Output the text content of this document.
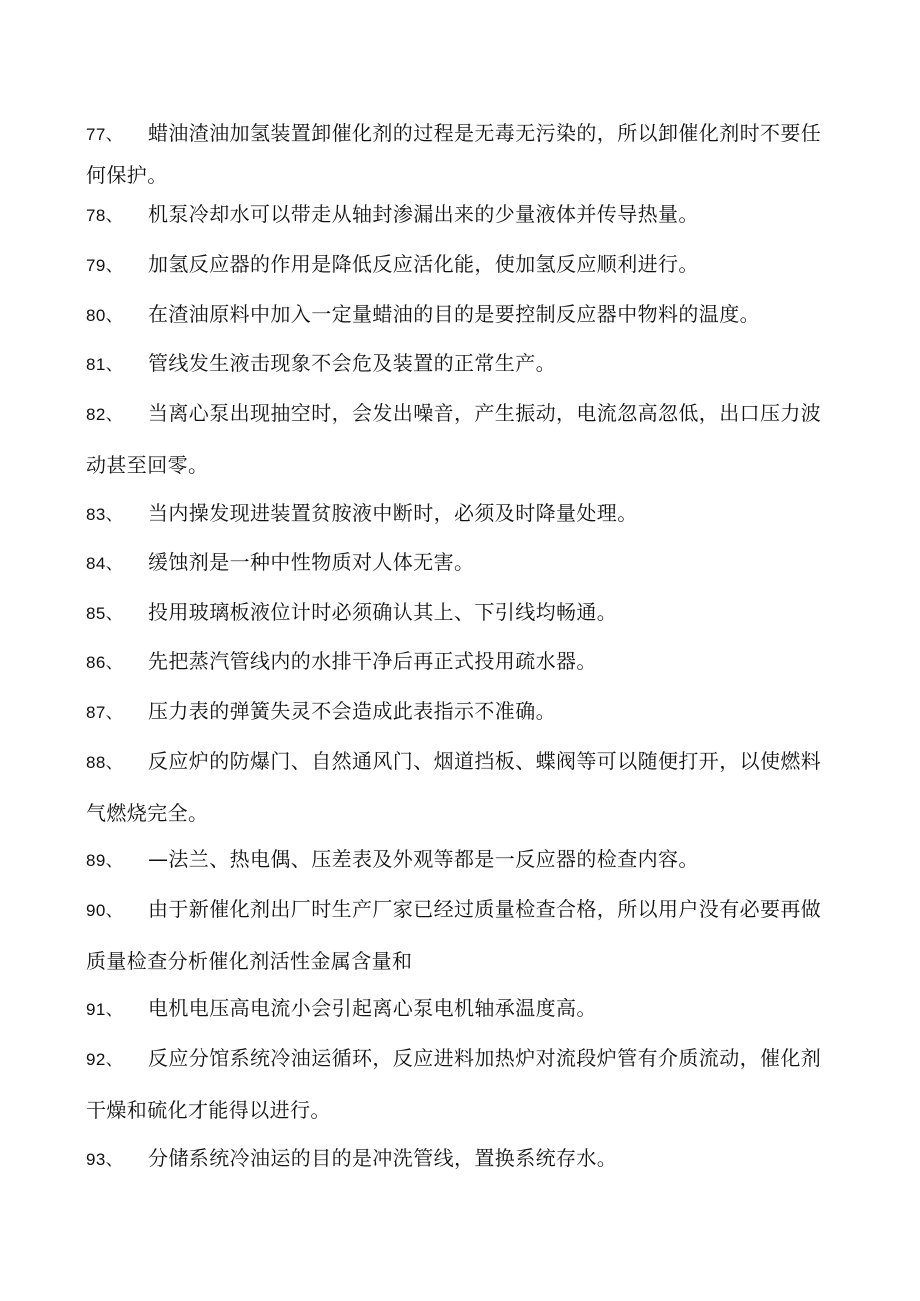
77、 蜡油渣油加氢装置卸催化剂的过程是无毒无污染的，所以卸催化剂时不要任何保护。
78、 机泵冷却水可以带走从轴封渗漏出来的少量液体并传导热量。
79、 加氢反应器的作用是降低反应活化能，使加氢反应顺利进行。
80、 在渣油原料中加入一定量蜡油的目的是要控制反应器中物料的温度。
81、 管线发生液击现象不会危及装置的正常生产。
82、 当离心泵出现抽空时，会发出噪音，产生振动，电流忽高忽低，出口压力波动甚至回零。
83、 当内操发现进装置贫胺液中断时，必须及时降量处理。
84、 缓蚀剂是一种中性物质对人体无害。
85、 投用玻璃板液位计时必须确认其上、下引线均畅通。
86、 先把蒸汽管线内的水排干净后再正式投用疏水器。
87、 压力表的弹簧失灵不会造成此表指示不准确。
88、 反应炉的防爆门、自然通风门、烟道挡板、蝶阀等可以随便打开，以使燃料气燃烧完全。
89、 —法兰、热电偶、压差表及外观等都是一反应器的检查内容。
90、 由于新催化剂出厂时生产厂家已经过质量检查合格，所以用户没有必要再做质量检查分析催化剂活性金属含量和
91、 电机电压高电流小会引起离心泵电机轴承温度高。
92、 反应分馆系统冷油运循环，反应进料加热炉对流段炉管有介质流动，催化剂干燥和硫化才能得以进行。
93、 分储系统冷油运的目的是冲洗管线，置换系统存水。
